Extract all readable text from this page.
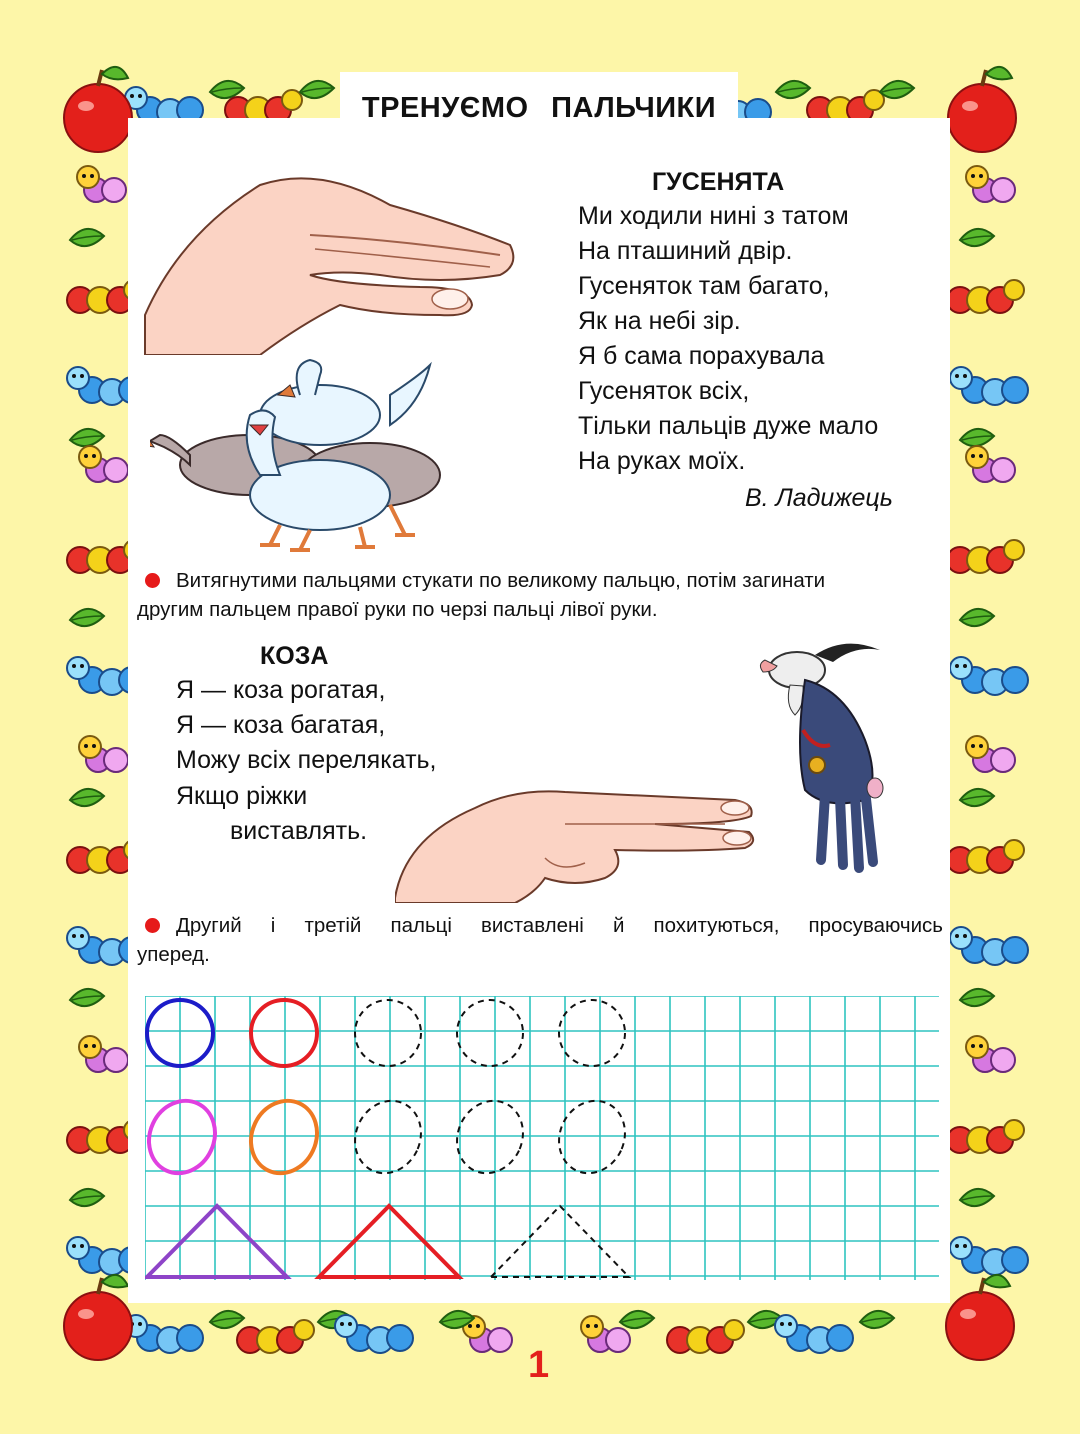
ТРЕНУЄМО ПАЛЬЧИКИ
ГУСЕНЯТА
Ми ходили нині з татом
На пташиний двір.
Гусеняток там багато,
Як на небі зір.
Я б сама порахувала
Гусеняток всіх,
Тільки пальців дуже мало
На руках моїх.
В. Ладижець
Витягнутими пальцями стукати по великому пальцю, потім загинати
другим пальцем правої руки по черзі пальці лівої руки.
КОЗА
Я — коза рогатая,
Я — коза багатая,
Можу всіх перелякать,
Якщо ріжки
виставлять.
Другий і третій пальці виставлені й похитуються, просуваючись
уперед.
1
